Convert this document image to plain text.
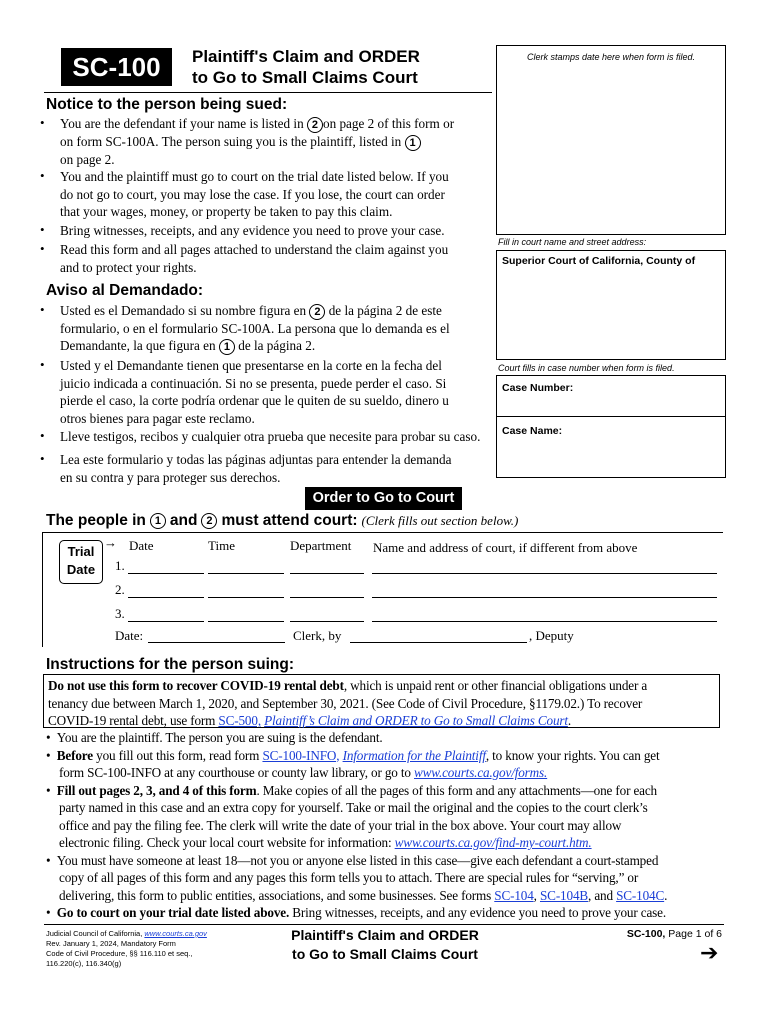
SC-100	Plaintiff's Claim and ORDER
to Go to Small Claims Court
Clerk stamps date here when form is filed.
Fill in court name and street address:
Superior Court of California, County of
Court fills in case number when form is filed.
Case Number:
Case Name:
Notice to the person being sued:
• You are the defendant if your name is listed in 2 on page 2 of this form or
on form SC-100A. The person suing you is the plaintiff, listed in 1
on page 2.
• You and the plaintiff must go to court on the trial date listed below. If you
do not go to court, you may lose the case. If you lose, the court can order
that your wages, money, or property be taken to pay this claim.
• Bring witnesses, receipts, and any evidence you need to prove your case.
• Read this form and all pages attached to understand the claim against you
and to protect your rights.
Aviso al Demandado:
• Usted es el Demandado si su nombre figura en 2 de la página 2 de este
formulario, o en el formulario SC-100A. La persona que lo demanda es el
Demandante, la que figura en 1 de la página 2.
• Usted y el Demandante tienen que presentarse en la corte en la fecha del
juicio indicada a continuación. Si no se presenta, puede perder el caso. Si
pierde el caso, la corte podría ordenar que le quiten de su sueldo, dinero u
otros bienes para pagar este reclamo.
• Lleve testigos, recibos y cualquier otra prueba que necesite para probar su caso.
• Lea este formulario y todas las páginas adjuntas para entender la demanda
en su contra y para proteger sus derechos.
Order to Go to Court
The people in 1 and 2 must attend court: (Clerk fills out section below.)
Trial
Date
→ Date	Time	Department Name and address of court, if different from above
1.
2.
3.
Date:	Clerk, by	, Deputy
Instructions for the person suing:
Do not use this form to recover COVID-19 rental debt, which is unpaid rent or other financial obligations under a
tenancy due between March 1, 2020, and September 30, 2021. (See Code of Civil Procedure, §1179.02.) To recover
COVID-19 rental debt, use form SC-500, Plaintiff’s Claim and ORDER to Go to Small Claims Court.
•  You are the plaintiff. The person you are suing is the defendant.
•  Before you fill out this form, read form SC-100-INFO, Information for the Plaintiff, to know your rights. You can get
form SC-100-INFO at any courthouse or county law library, or go to www.courts.ca.gov/forms.
•  Fill out pages 2, 3, and 4 of this form. Make copies of all the pages of this form and any attachments—one for each
party named in this case and an extra copy for yourself. Take or mail the original and the copies to the court clerk’s
office and pay the filing fee. The clerk will write the date of your trial in the box above. Your court may allow
electronic filing. Check your local court website for information: www.courts.ca.gov/find-my-court.htm.
•  You must have someone at least 18—not you or anyone else listed in this case—give each defendant a court-stamped
copy of all pages of this form and any pages this form tells you to attach. There are special rules for “serving,” or
delivering, this form to public entities, associations, and some businesses. See forms SC-104, SC-104B, and SC-104C.
•  Go to court on your trial date listed above. Bring witnesses, receipts, and any evidence you need to prove your case.
Judicial Council of California, www.courts.ca.gov
Rev. January 1, 2024, Mandatory Form
Code of Civil Procedure, §§ 116.110 et seq.,
116.220(c), 116.340(g)
Plaintiff's Claim and ORDER
to Go to Small Claims Court
SC-100, Page 1 of 6
➔
